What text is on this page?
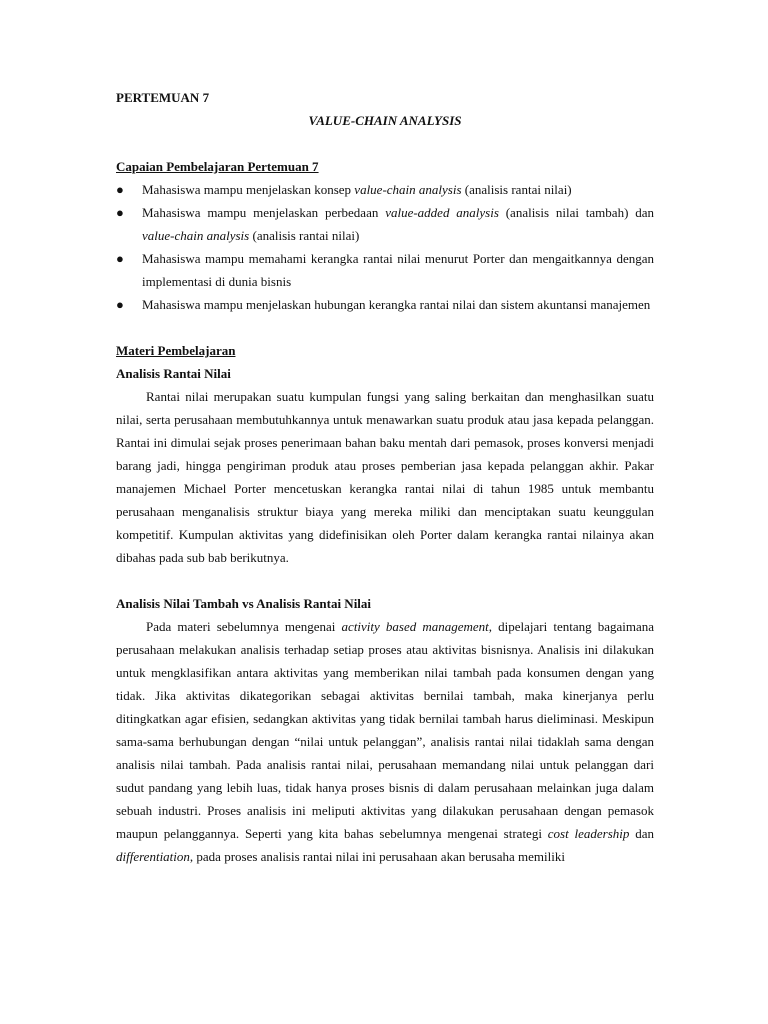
PERTEMUAN 7

VALUE-CHAIN ANALYSIS

Capaian Pembelajaran Pertemuan 7

● Mahasiswa mampu menjelaskan konsep value-chain analysis (analisis rantai nilai)
● Mahasiswa mampu menjelaskan perbedaan value-added analysis (analisis nilai tambah) dan value-chain analysis (analisis rantai nilai)
● Mahasiswa mampu memahami kerangka rantai nilai menurut Porter dan mengaitkannya dengan implementasi di dunia bisnis
● Mahasiswa mampu menjelaskan hubungan kerangka rantai nilai dan sistem akuntansi manajemen

Materi Pembelajaran

Analisis Rantai Nilai

Rantai nilai merupakan suatu kumpulan fungsi yang saling berkaitan dan menghasilkan suatu nilai, serta perusahaan membutuhkannya untuk menawarkan suatu produk atau jasa kepada pelanggan. Rantai ini dimulai sejak proses penerimaan bahan baku mentah dari pemasok, proses konversi menjadi barang jadi, hingga pengiriman produk atau proses pemberian jasa kepada pelanggan akhir. Pakar manajemen Michael Porter mencetuskan kerangka rantai nilai di tahun 1985 untuk membantu perusahaan menganalisis struktur biaya yang mereka miliki dan menciptakan suatu keunggulan kompetitif. Kumpulan aktivitas yang didefinisikan oleh Porter dalam kerangka rantai nilainya akan dibahas pada sub bab berikutnya.

Analisis Nilai Tambah vs Analisis Rantai Nilai

Pada materi sebelumnya mengenai activity based management, dipelajari tentang bagaimana perusahaan melakukan analisis terhadap setiap proses atau aktivitas bisnisnya. Analisis ini dilakukan untuk mengklasifikan antara aktivitas yang memberikan nilai tambah pada konsumen dengan yang tidak. Jika aktivitas dikategorikan sebagai aktivitas bernilai tambah, maka kinerjanya perlu ditingkatkan agar efisien, sedangkan aktivitas yang tidak bernilai tambah harus dieliminasi. Meskipun sama-sama berhubungan dengan “nilai untuk pelanggan”, analisis rantai nilai tidaklah sama dengan analisis nilai tambah. Pada analisis rantai nilai, perusahaan memandang nilai untuk pelanggan dari sudut pandang yang lebih luas, tidak hanya proses bisnis di dalam perusahaan melainkan juga dalam sebuah industri. Proses analisis ini meliputi aktivitas yang dilakukan perusahaan dengan pemasok maupun pelanggannya. Seperti yang kita bahas sebelumnya mengenai strategi cost leadership dan differentiation, pada proses analisis rantai nilai ini perusahaan akan berusaha memiliki
